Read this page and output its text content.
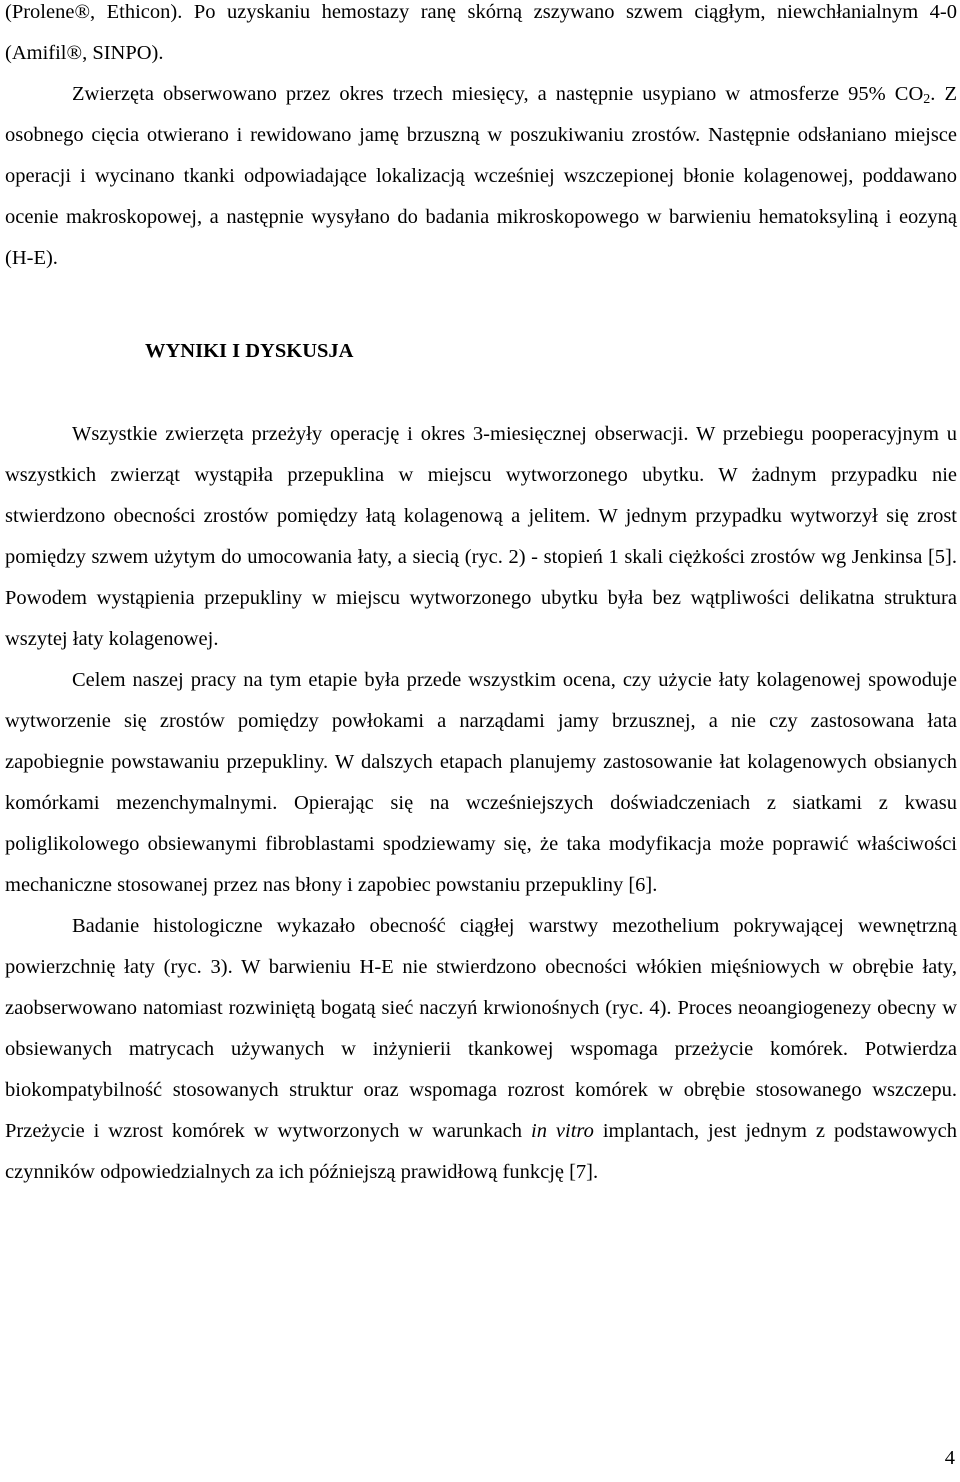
(Prolene®, Ethicon). Po uzyskaniu hemostazy ranę skórną zszywano szwem ciągłym, niewchłanialnym 4-0 (Amifil®, SINPO).

Zwierzęta obserwowano przez okres trzech miesięcy, a następnie usypiano w atmosferze 95% $CO_2$. Z osobnego cięcia otwierano i rewidowano jamę brzuszną w poszukiwaniu zrostów. Następnie odsłaniano miejsce operacji i wycinano tkanki odpowiadające lokalizacją wcześniej wszczepionej błonie kolagenowej, poddawano ocenie makroskopowej, a następnie wysyłano do badania mikroskopowego w barwieniu hematoksyliną i eozyną (H-E).

WYNIKI I DYSKUSJA

Wszystkie zwierzęta przeżyły operację i okres 3-miesięcznej obserwacji. W przebiegu pooperacyjnym u wszystkich zwierząt wystąpiła przepuklina w miejscu wytworzonego ubytku. W żadnym przypadku nie stwierdzono obecności zrostów pomiędzy łatą kolagenową a jelitem. W jednym przypadku wytworzył się zrost pomiędzy szwem użytym do umocowania łaty, a siecią (ryc. 2) - stopień 1 skali ciężkości zrostów wg Jenkinsa [5]. Powodem wystąpienia przepukliny w miejscu wytworzonego ubytku była bez wątpliwości delikatna struktura wszytej łaty kolagenowej.

Celem naszej pracy na tym etapie była przede wszystkim ocena, czy użycie łaty kolagenowej spowoduje wytworzenie się zrostów pomiędzy powłokami a narządami jamy brzusznej, a nie czy zastosowana łata zapobiegnie powstawaniu przepukliny. W dalszych etapach planujemy zastosowanie łat kolagenowych obsianych komórkami mezenchymalnymi. Opierając się na wcześniejszych doświadczeniach z siatkami z kwasu poliglikolowego obsiewanymi fibroblastami spodziewamy się, że taka modyfikacja może poprawić właściwości mechaniczne stosowanej przez nas błony i zapobiec powstaniu przepukliny [6].

Badanie histologiczne wykazało obecność ciągłej warstwy mezothelium pokrywającej wewnętrzną powierzchnię łaty (ryc. 3). W barwieniu H-E nie stwierdzono obecności włókien mięśniowych w obrębie łaty, zaobserwowano natomiast rozwiniętą bogatą sieć naczyń krwionośnych (ryc. 4). Proces neoangiogenezy obecny w obsiewanych matrycach używanych w inżynierii tkankowej wspomaga przeżycie komórek. Potwierdza biokompatybilność stosowanych struktur oraz wspomaga rozrost komórek w obrębie stosowanego wszczepu. Przeżycie i wzrost komórek w wytworzonych w warunkach in vitro implantach, jest jednym z podstawowych czynników odpowiedzialnych za ich późniejszą prawidłową funkcję [7].

4
